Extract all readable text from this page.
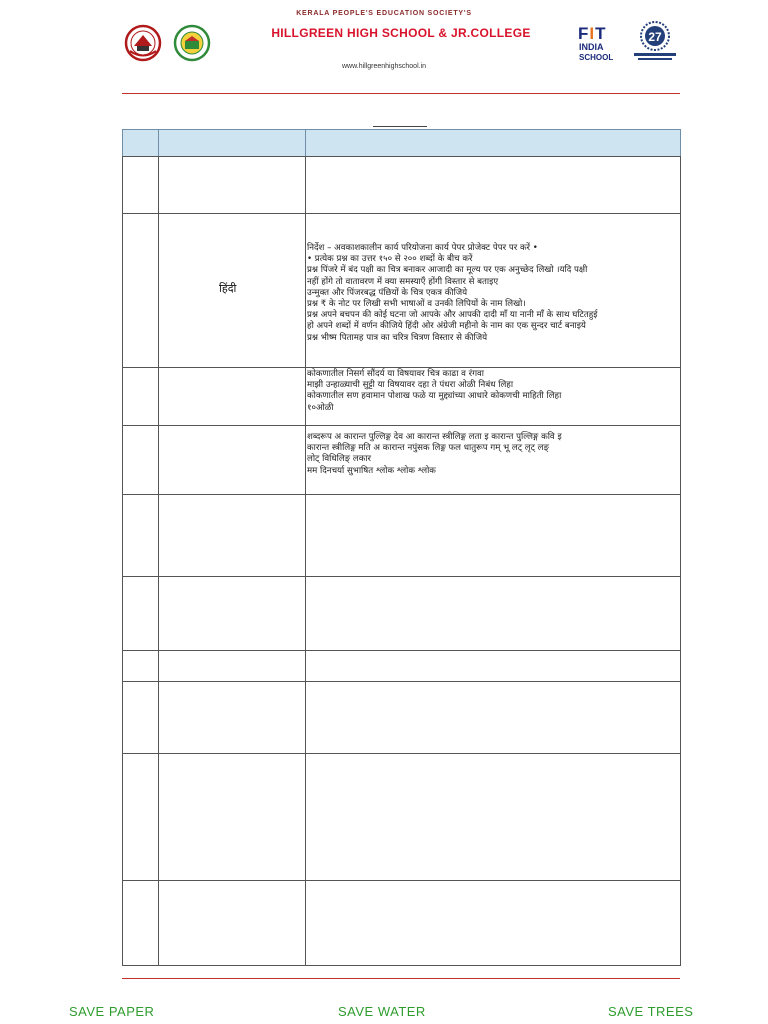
KERALA PEOPLE'S EDUCATION SOCIETY'S
HILLGREEN HIGH SCHOOL & JR.COLLEGE
www.hillgreenhighschool.in
FIT
INDIA
SCHOOL
27
हिंदी
निर्देश – अवकाशकालीन कार्य परियोजना कार्य पेपर प्रोजेक्ट पेपर पर करें •
• प्रत्येक प्रश्न का उत्तर १५० से २०० शब्दों के बीच करें
प्रश्न पिंजरे में बंद पक्षी का चित्र बनाकर आजादी का मूल्य पर एक अनुच्छेद लिखो ।यदि पक्षी
नहीं होंगे तो वातावरण में क्या समस्याएँ होंगी विस्तार से बताइए
उन्मुक्त और पिंजरबद्ध पंछियों के चित्र एकत्र कीजिये
प्रश्न ₹ के नोट पर लिखी सभी भाषाओं व उनकी लिपियों के नाम लिखो।
प्रश्न अपने बचपन की कोई घटना जो आपके और आपकी दादी माँ या नानी माँ के साथ घटितहुई
हो अपने शब्दों में वर्णन कीजिये हिंदी ओर अंग्रेजी महीनो के नाम का एक सुन्दर चार्ट बनाइये
प्रश्न भीष्म पितामह पात्र का चरित्र चित्रण विस्तार से कीजिये
कोकणातील निसर्ग सौंदर्य या विषयावर चित्र काढा व रंगवा
माझी उन्हाळ्याची सुट्टी या विषयावर दहा ते पंधरा ओळी निबंध लिहा
कोकणातील सण हवामान पोशाख फळे या मुद्द्यांच्या आधारे कोकणची माहिती लिहा
१०ओळी
शब्दरूप अ कारान्त पुल्लिङ्ग देव आ कारान्त स्त्रीलिङ्ग लता इ कारान्त पुल्लिङ्ग कवि इ
कारान्त स्त्रीलिङ्ग मति अ कारान्त नपुंसक लिङ्ग फल धातुरूप गम् भू लट् लृट् लङ्
लोट् विधिलिङ् लकार
मम दिनचर्या सुभाषित श्लोक श्लोक श्लोक
SAVE PAPER	SAVE WATER	SAVE TREES
